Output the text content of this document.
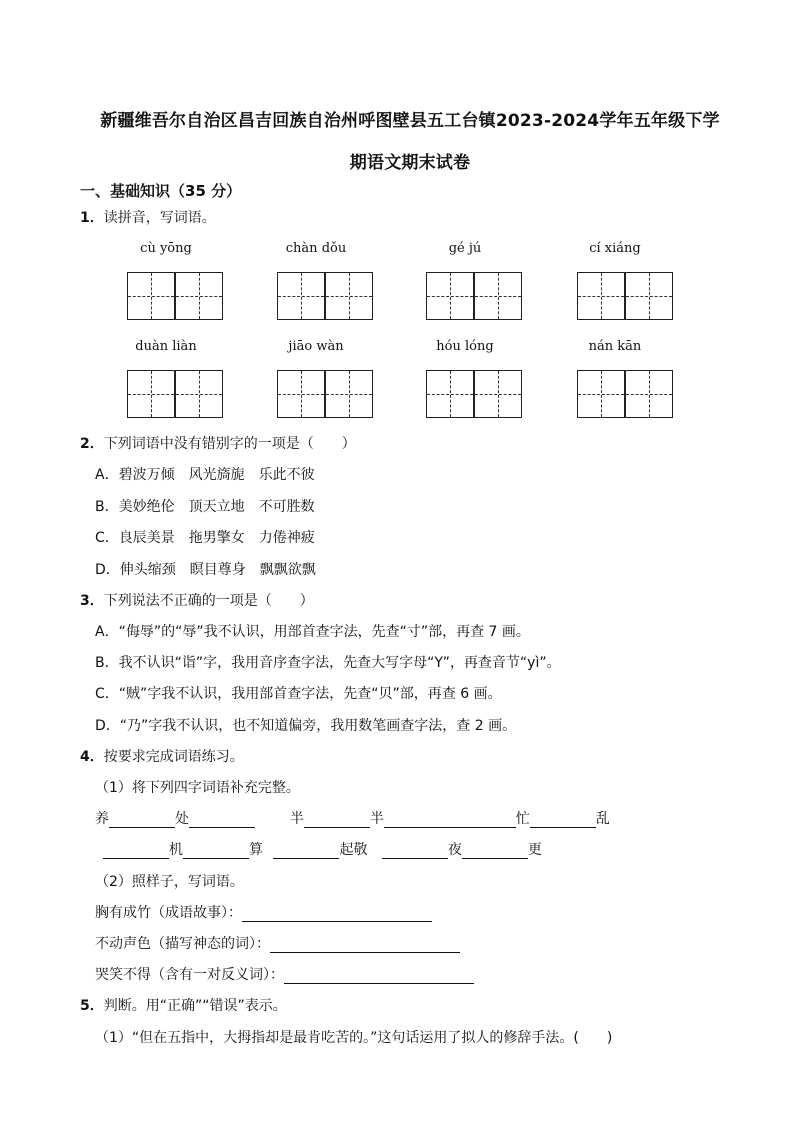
新疆维吾尔自治区昌吉回族自治州呼图壁县五工台镇2023-2024学年五年级下学
期语文期末试卷
一、基础知识（35 分）
1．读拼音，写词语。
cù yōng	chàn dǒu	gé jú	cí xiáng
duàn liàn	jiāo wàn	hóu lóng	nán kān
2．下列词语中没有错别字的一项是（　　）
A．碧波万倾　风光旖旎　乐此不彼
B．美妙绝伦　顶天立地　不可胜数
C．良辰美景　拖男擎女　力倦神疲
D．伸头缩颈　瞑目尊身　飘飘欲飘
3．下列说法不正确的一项是（　　）
A．“侮辱”的“辱”我不认识，用部首查字法，先查“寸”部，再查 7 画。
B．我不认识“诣”字，我用音序查字法，先查大写字母“Y”，再查音节“yì”。
C．“贼”字我不认识，我用部首查字法，先查“贝”部，再查 6 画。
D．“乃”字我不认识，也不知道偏旁，我用数笔画查字法，查 2 画。
4．按要求完成词语练习。
（1）将下列四字词语补充完整。
养	处	半	半	忙	乱
机	算	起敬	夜	更
（2）照样子，写词语。
胸有成竹（成语故事）：
不动声色（描写神态的词）：
哭笑不得（含有一对反义词）：
5．判断。用“正确”“错误”表示。
（1）“但在五指中，大拇指却是最肯吃苦的。”这句话运用了拟人的修辞手法。(　　)
